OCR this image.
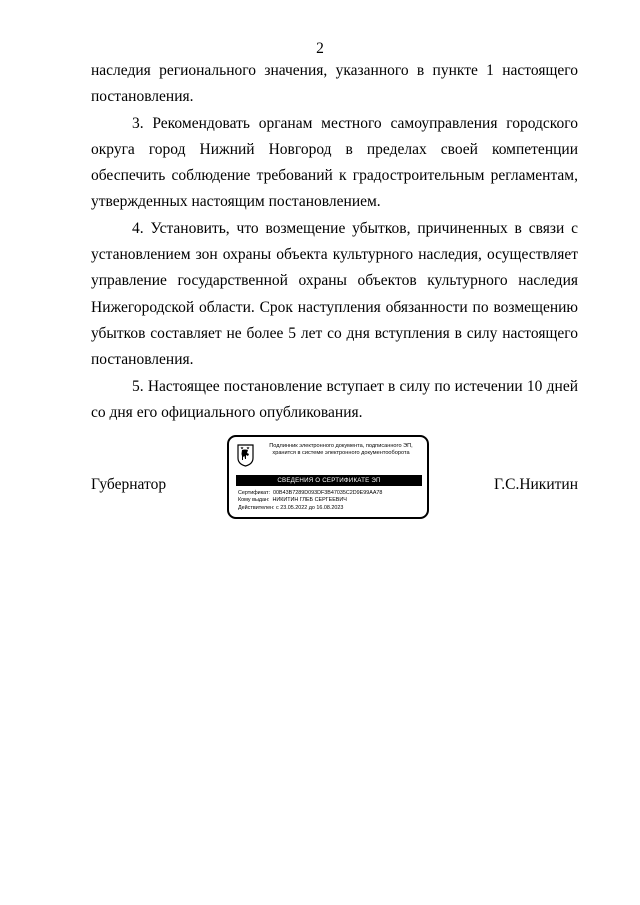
2

наследия регионального значения, указанного в пункте 1 настоящего постановления.

3. Рекомендовать органам местного самоуправления городского округа город Нижний Новгород в пределах своей компетенции обеспечить соблюдение требований к градостроительным регламентам, утвержденных настоящим постановлением.

4. Установить, что возмещение убытков, причиненных в связи с установлением зон охраны объекта культурного наследия, осуществляет управление государственной охраны объектов культурного наследия Нижегородской области. Срок наступления обязанности по возмещению убытков составляет не более 5 лет со дня вступления в силу настоящего постановления.

5. Настоящее постановление вступает в силу по истечении 10 дней со дня его официального опубликования.

Губернатор	Г.С.Никитин
Подлинник электронного документа, подписанного ЭП,
хранится в системе электронного документооборота
СВЕДЕНИЯ О СЕРТИФИКАТЕ ЭП
Сертификат: 00B43B7289D093DF3B47035C2D9E99AA78
Кому выдан: НИКИТИН ГЛЕБ СЕРГЕЕВИЧ
Действителен: с 23.05.2022 до 16.08.2023
